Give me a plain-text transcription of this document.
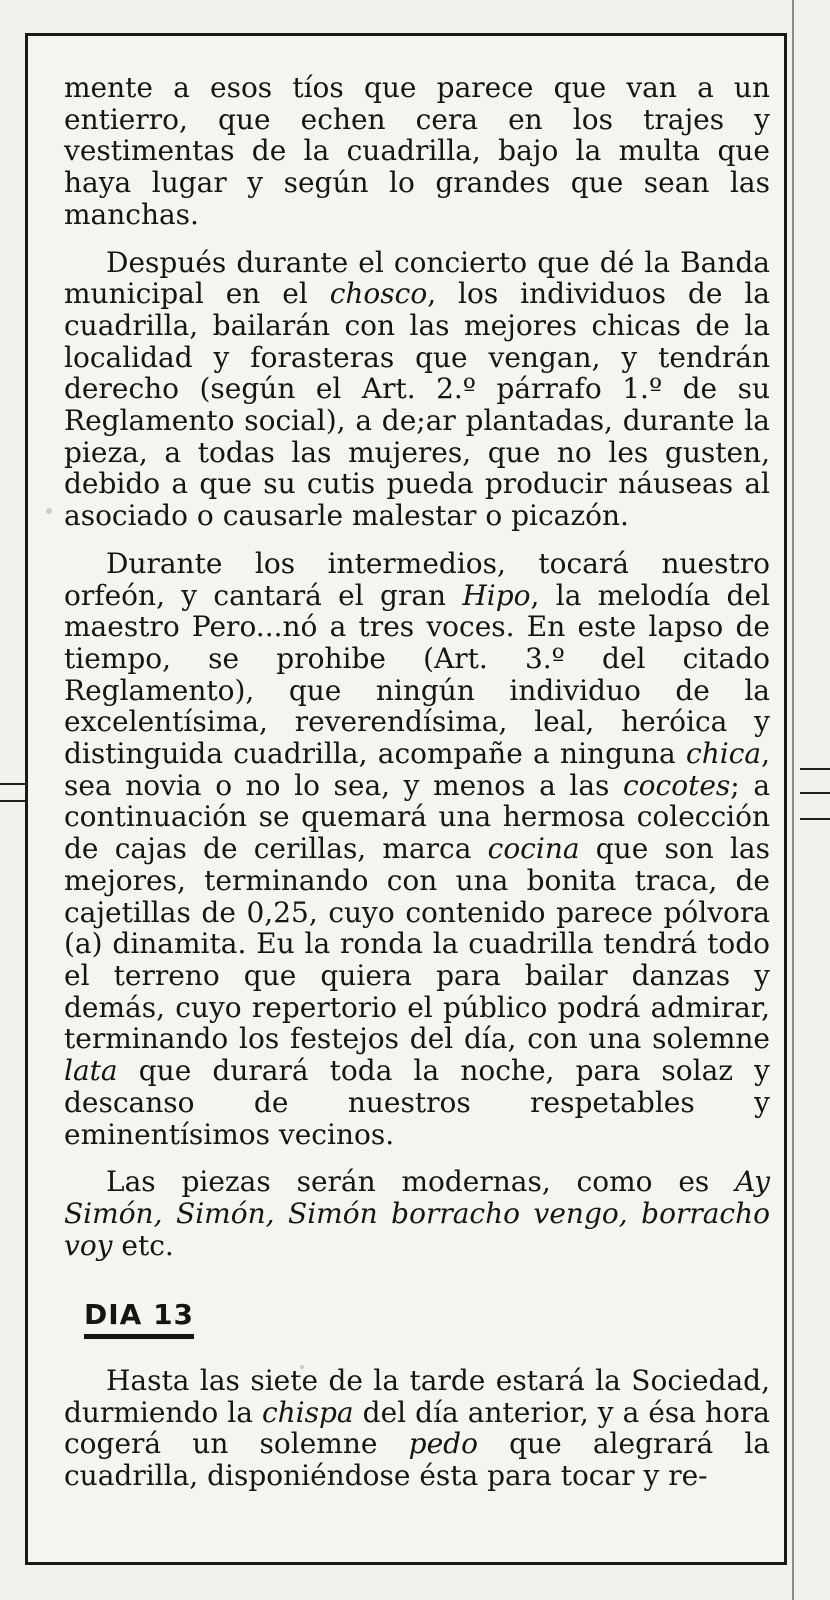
mente a esos tíos que parece que van a un entierro, que echen cera en los trajes y vestimentas de la cuadrilla, bajo la multa que haya lugar y según lo grandes que sean las manchas.

Después durante el concierto que dé la Banda municipal en el chosco, los individuos de la cuadrilla, bailarán con las mejores chicas de la localidad y forasteras que vengan, y tendrán derecho (según el Art. 2.º párrafo 1.º de su Reglamento social), a de;ar plantadas, durante la pieza, a todas las mujeres, que no les gusten, debido a que su cutis pueda producir náuseas al asociado o causarle malestar o picazón.

Durante los intermedios, tocará nuestro orfeón, y cantará el gran Hipo, la melodía del maestro Pero...nó a tres voces. En este lapso de tiempo, se prohibe (Art. 3.º del citado Reglamento), que ningún individuo de la excelentísima, reverendísima, leal, heróica y distinguida cuadrilla, acompañe a ninguna chica, sea novia o no lo sea, y menos a las cocotes; a continuación se quemará una hermosa colección de cajas de cerillas, marca cocina que son las mejores, terminando con una bonita traca, de cajetillas de 0,25, cuyo contenido parece pólvora (a) dinamita. Eu la ronda la cuadrilla tendrá todo el terreno que quiera para bailar danzas y demás, cuyo repertorio el público podrá admirar, terminando los festejos del día, con una solemne lata que durará toda la noche, para solaz y descanso de nuestros respetables y eminentísimos vecinos.

Las piezas serán modernas, como es Ay Simón, Simón, Simón borracho vengo, borracho voy etc.

DIA 13

Hasta las siete de la tarde estará la Sociedad, durmiendo la chispa del día anterior, y a ésa hora cogerá un solemne pedo que alegrará la cuadrilla, disponiéndose ésta para tocar y re-
